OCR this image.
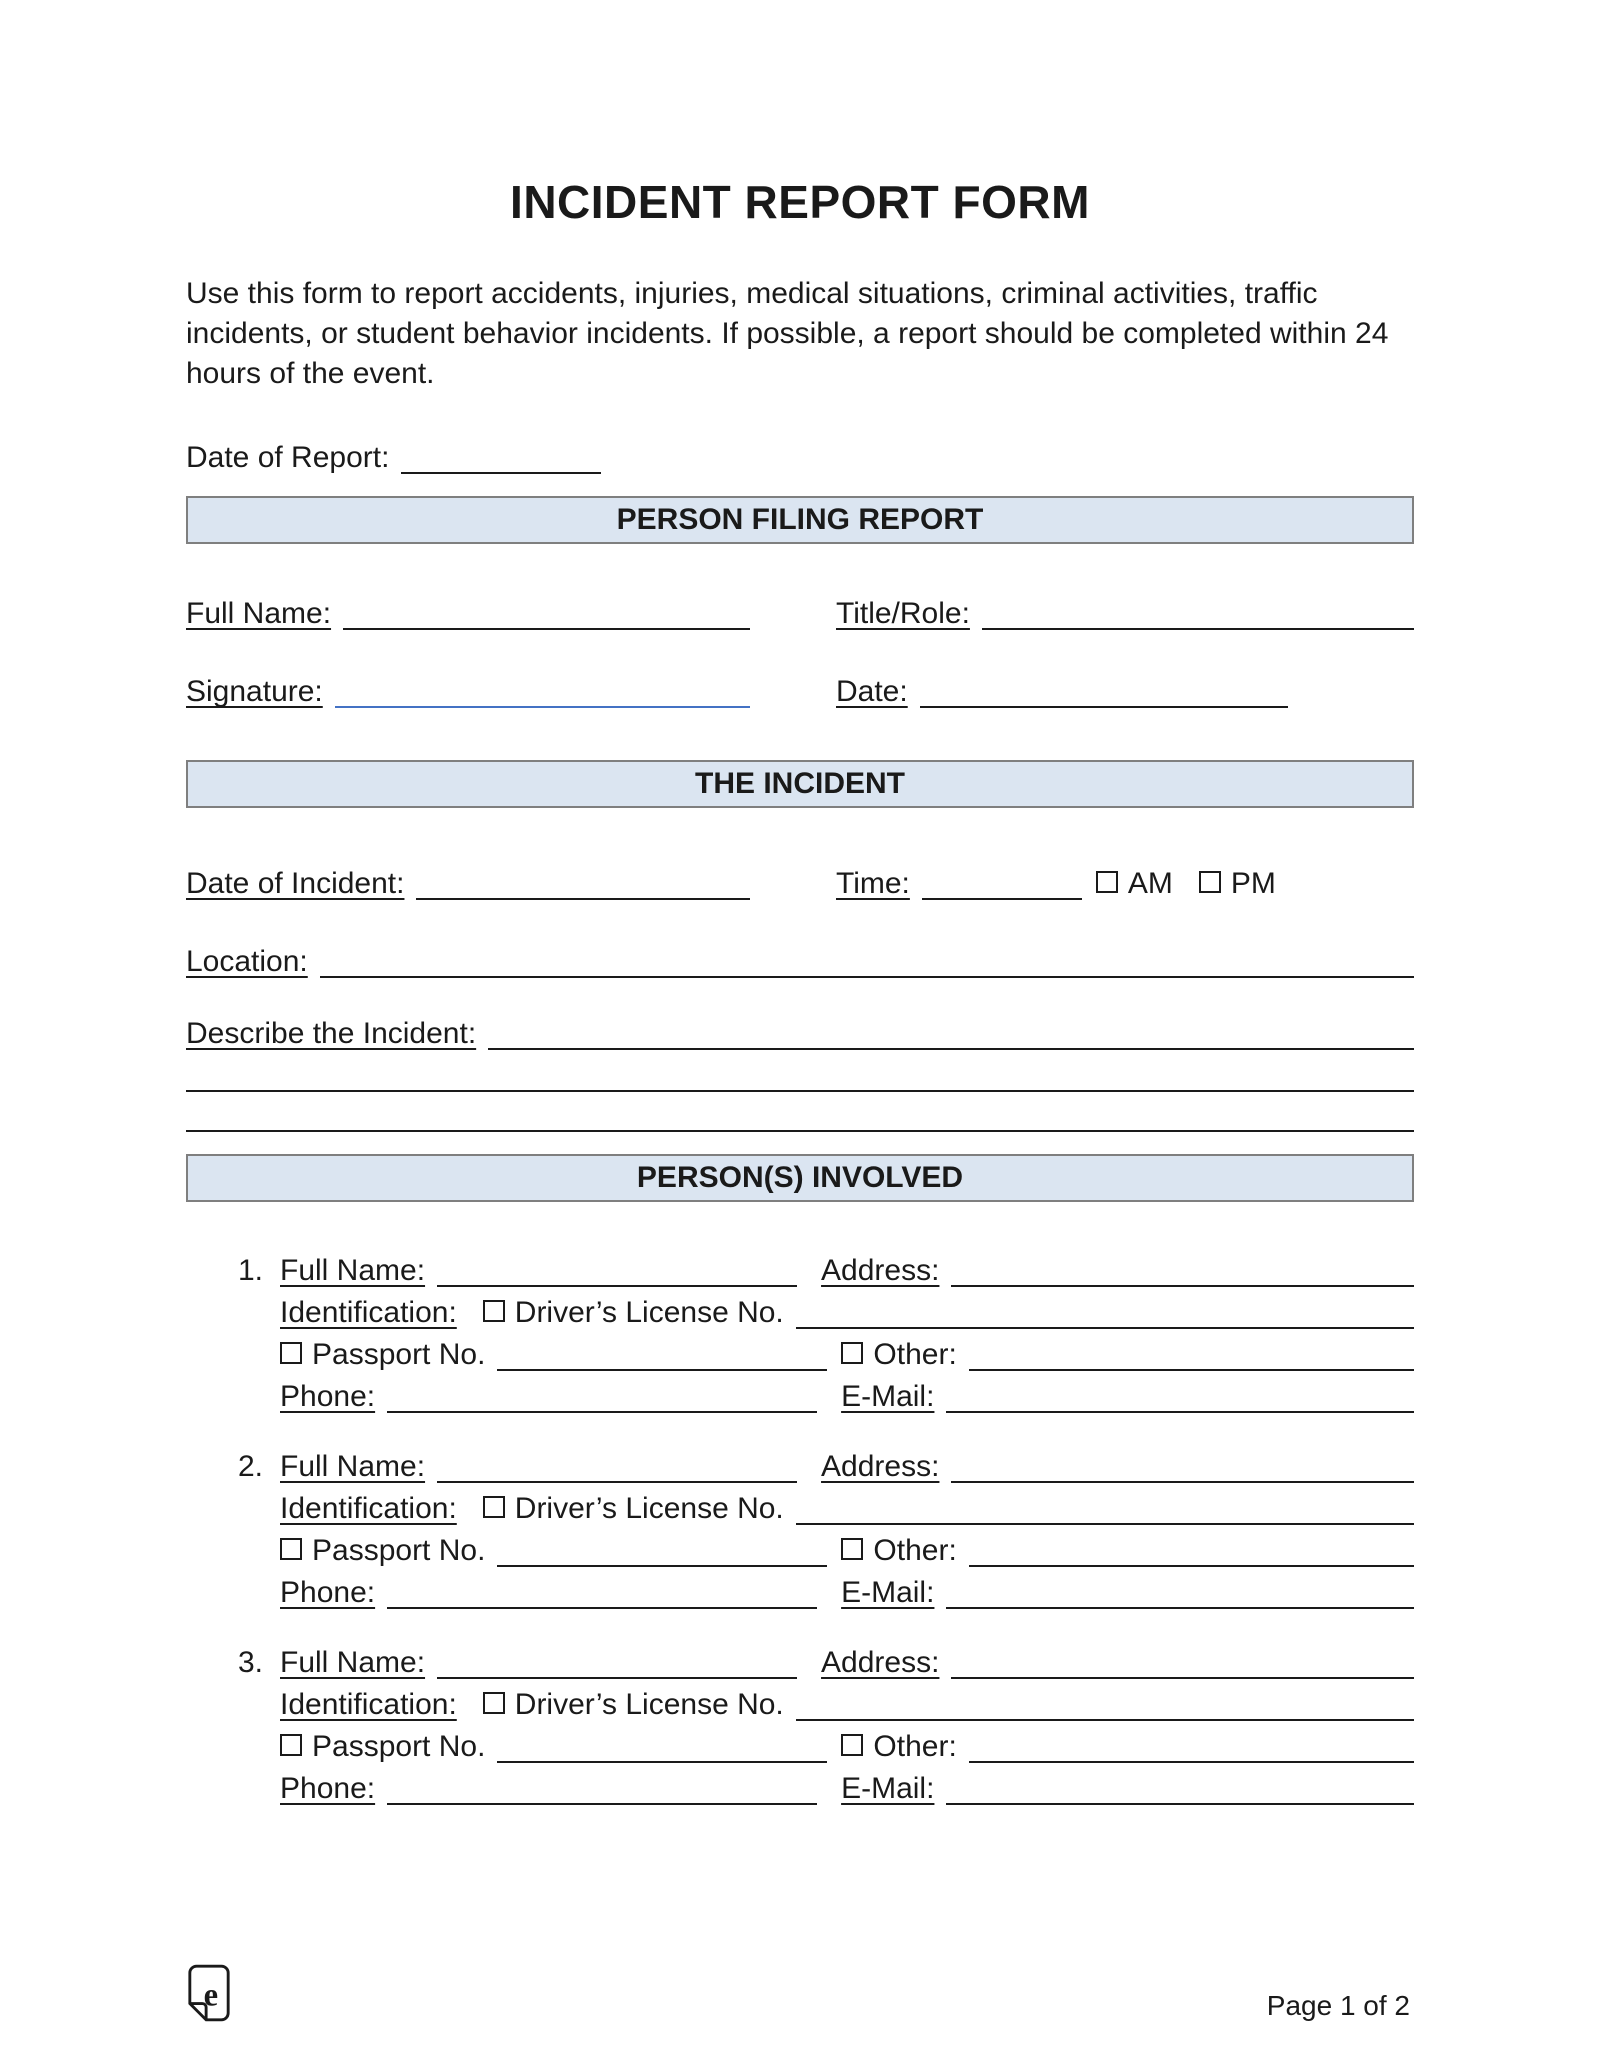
INCIDENT REPORT FORM

Use this form to report accidents, injuries, medical situations, criminal activities, traffic incidents, or student behavior incidents. If possible, a report should be completed within 24 hours of the event.

Date of Report:
PERSON FILING REPORT
Full Name:	Title/Role:
Signature:	Date:
THE INCIDENT
Date of Incident:	Time:	AM PM
Location:
Describe the Incident:
PERSON(S) INVOLVED
1. Full Name:	Address:
Identification: Driver’s License No.
Passport No.	Other:
Phone:	E-Mail:
2. Full Name:	Address:
Identification: Driver’s License No.
Passport No.	Other:
Phone:	E-Mail:
3. Full Name:	Address:
Identification: Driver’s License No.
Passport No.	Other:
Phone:	E-Mail:
e	Page 1 of 2
